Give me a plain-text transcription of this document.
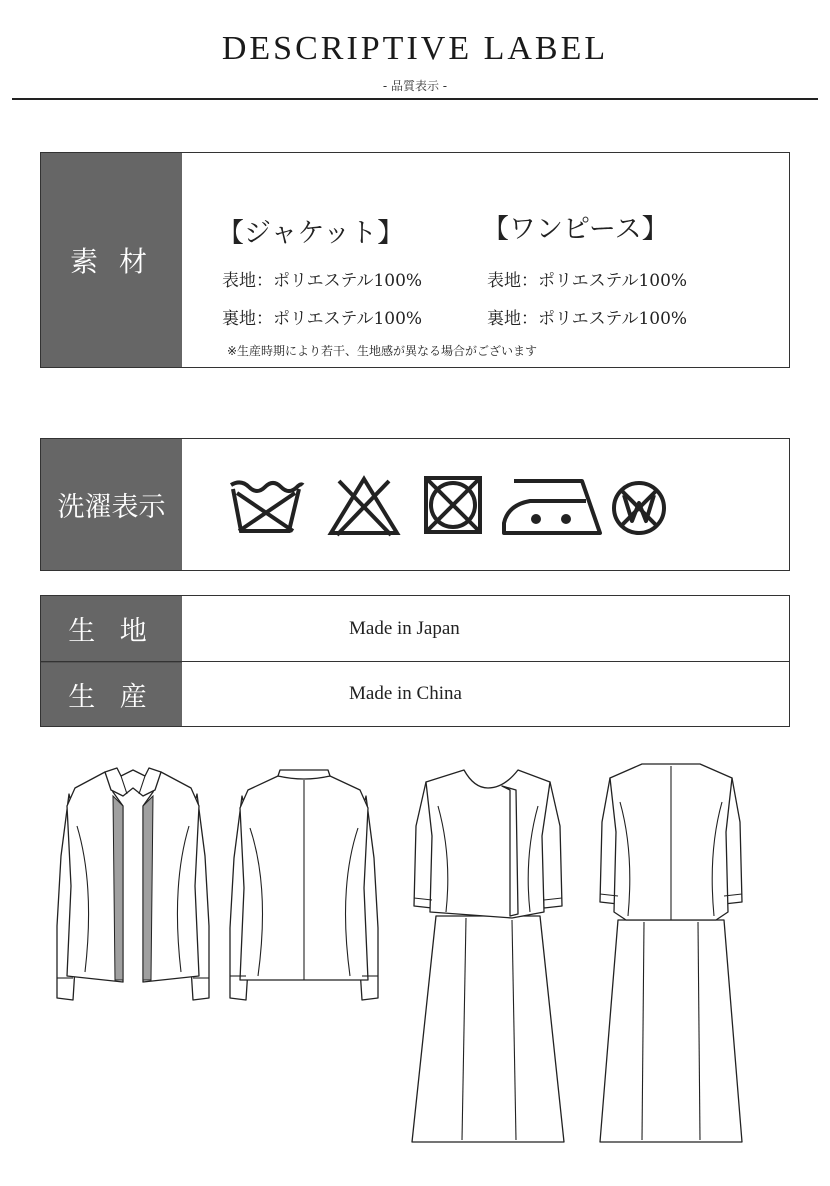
DESCRIPTIVE LABEL
- 品質表示 -
素 材
【ジャケット】
表地：ポリエステル100%
裏地：ポリエステル100%
【ワンピース】
表地：ポリエステル100%
裏地：ポリエステル100%
※生産時期により若干、生地感が異なる場合がございます
洗濯表示
生 地	Made in Japan
生 産	Made in China
